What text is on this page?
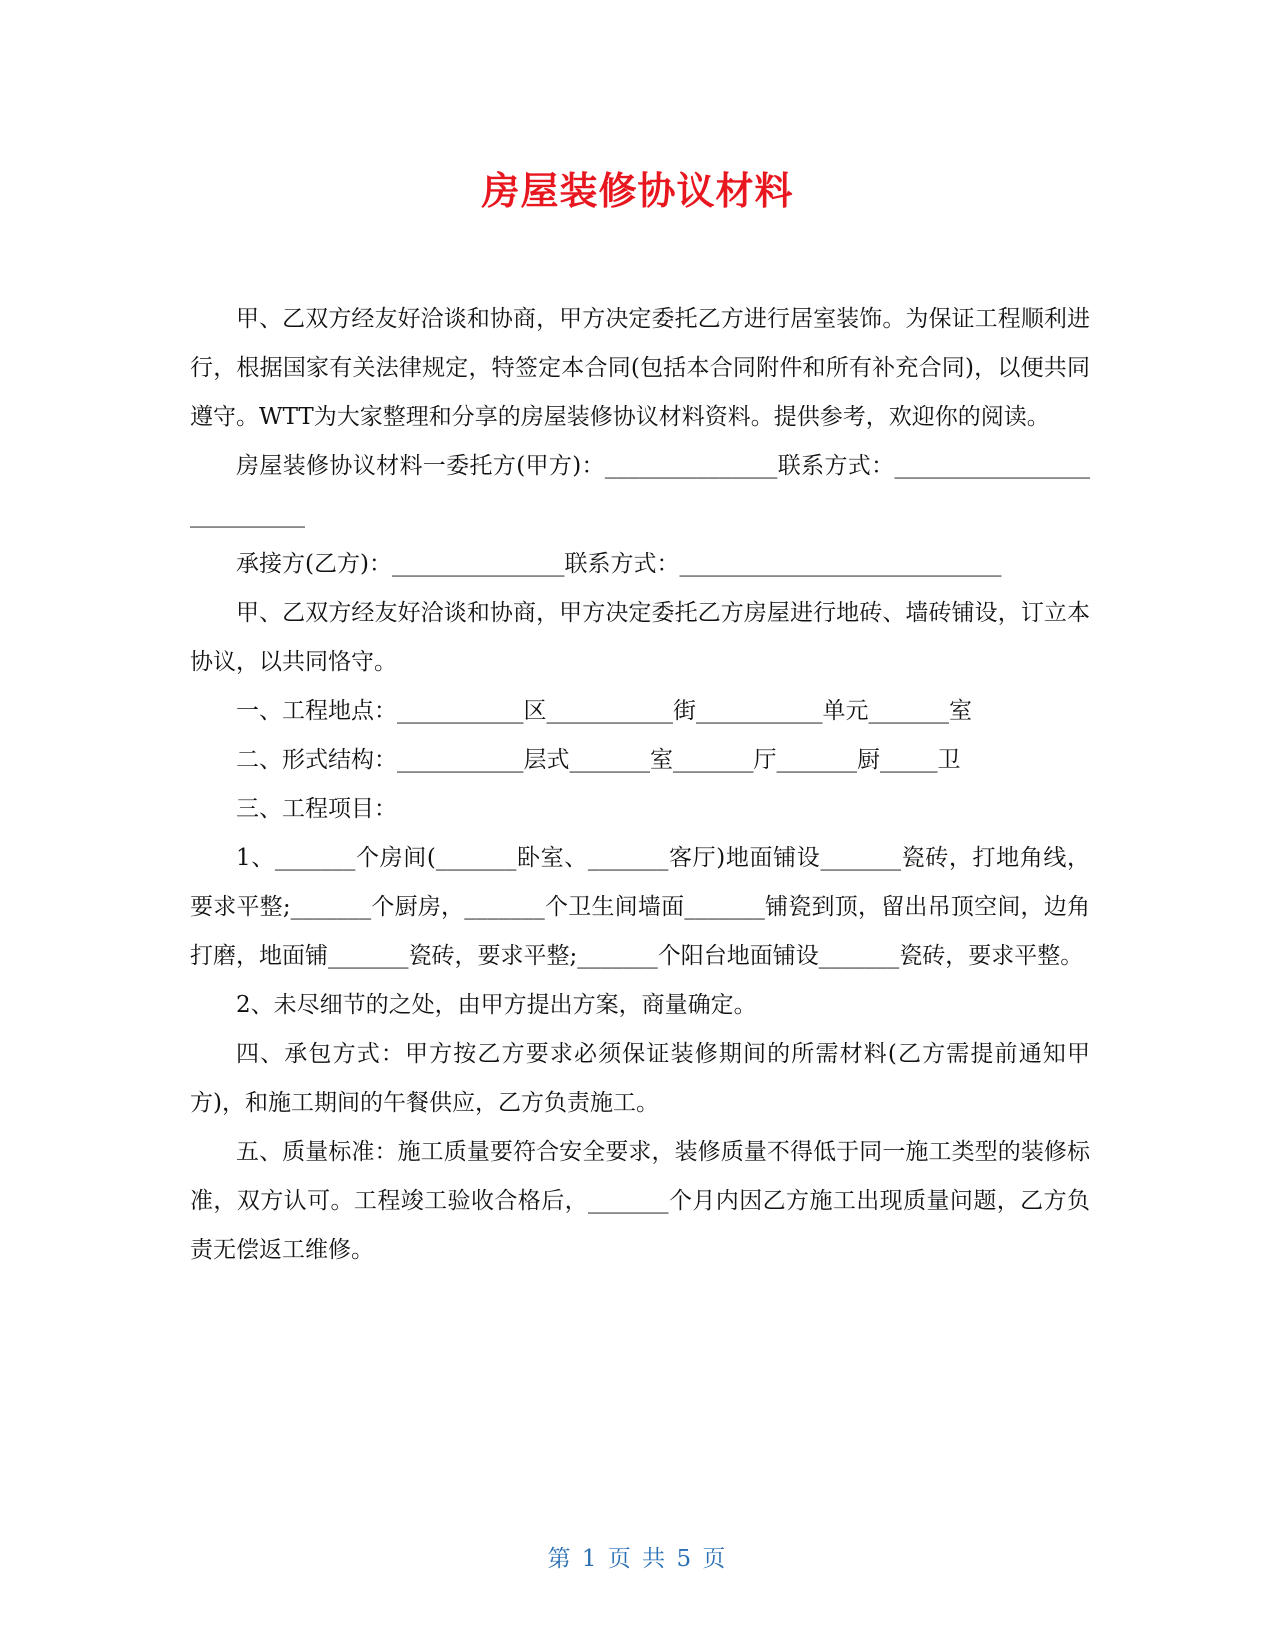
房屋装修协议材料

甲、乙双方经友好洽谈和协商，甲方决定委托乙方进行居室装饰。为保证工程顺利进行，根据国家有关法律规定，特签定本合同(包括本合同附件和所有补充合同)，以便共同遵守。WTT为大家整理和分享的房屋装修协议材料资料。提供参考，欢迎你的阅读。

房屋装修协议材料一委托方(甲方)：_______________联系方式：___________________________

承接方(乙方)：_______________联系方式：____________________________

甲、乙双方经友好洽谈和协商，甲方决定委托乙方房屋进行地砖、墙砖铺设，订立本协议，以共同恪守。

一、工程地点：___________区___________街___________单元_______室

二、形式结构：___________层式_______室_______厅_______厨_____卫

三、工程项目：

1、_______个房间(_______卧室、_______客厅)地面铺设_______瓷砖，打地角线，要求平整;_______个厨房，_______个卫生间墙面_______铺瓷到顶，留出吊顶空间，边角打磨，地面铺_______瓷砖，要求平整;_______个阳台地面铺设_______瓷砖，要求平整。

2、未尽细节的之处，由甲方提出方案，商量确定。

四、承包方式：甲方按乙方要求必须保证装修期间的所需材料(乙方需提前通知甲方)，和施工期间的午餐供应，乙方负责施工。

五、质量标准：施工质量要符合安全要求，装修质量不得低于同一施工类型的装修标准，双方认可。工程竣工验收合格后，_______个月内因乙方施工出现质量问题，乙方负责无偿返工维修。

第 1 页 共 5 页
